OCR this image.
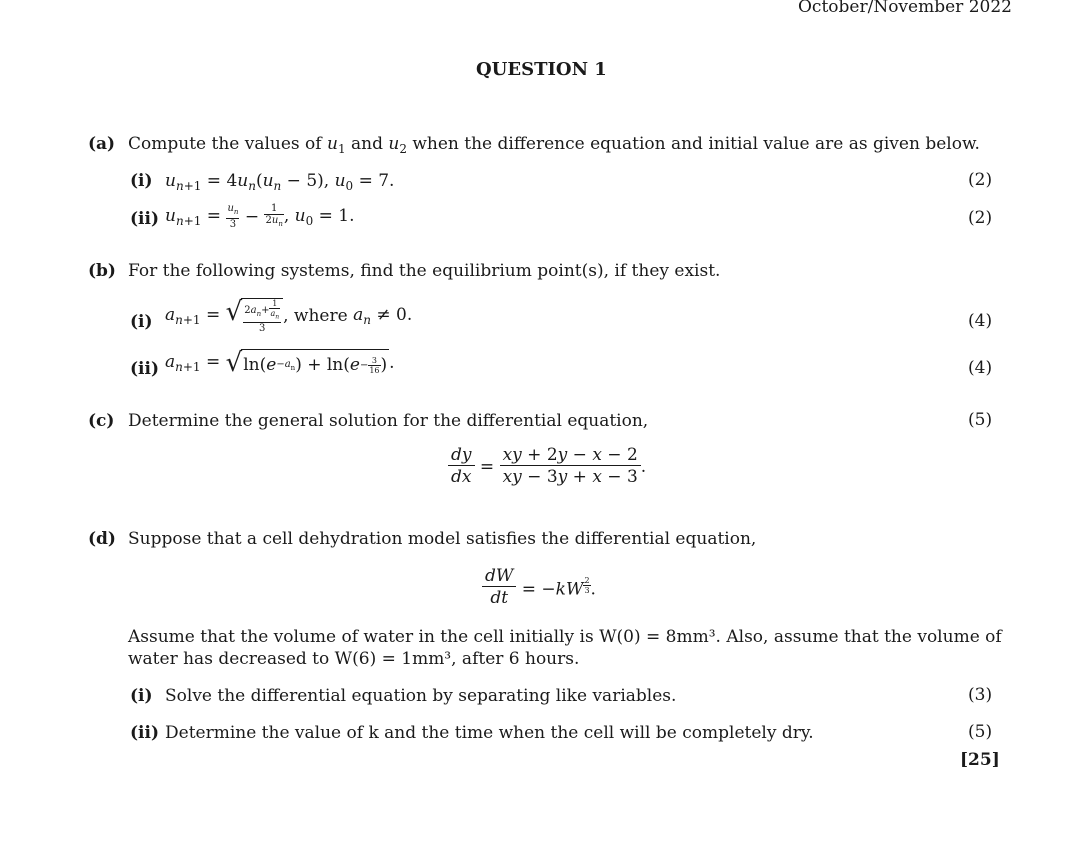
October/November 2022
QUESTION 1
(a) Compute the values of $u_1$ and $u_2$ when the difference equation and initial value are as given below.
(i) $u_{n+1} = 4u_n(u_n - 5)$, $u_0 = 7$.	(2)
(ii) $u_{n+1} = \frac{u_n}{3} - \frac{1}{2u_n}$ , $u_0 = 1$.	(2)
(b) For the following systems, find the equilibrium point(s), if they exist.
(i) $a_{n+1}$ = √ $\frac{2a_n+ \frac{1}{a_n}}{3}$ , where $a_n \ne 0$.	(4)
(ii) $a_{n+1}$ = √ ln( $e -a_n$ ) + ln( $e - \frac{3}{16}$ ) .	(4)
(c) Determine the general solution for the differential equation,	(5)
$\frac{dy}{dx} = \frac{xy + 2y - x - 2}{xy - 3y + x - 3}$ .
(d) Suppose that a cell dehydration model satisfies the differential equation,
$\frac{dW}{dt} = -kW$ $^{\frac{2}{3}}$ .
Assume that the volume of water in the cell initially is W(0) = 8mm³. Also, assume that the volume of
water has decreased to W(6) = 1mm³, after 6 hours.
(i) Solve the differential equation by separating like variables.	(3)
(ii) Determine the value of k and the time when the cell will be completely dry.	(5)
[25]
